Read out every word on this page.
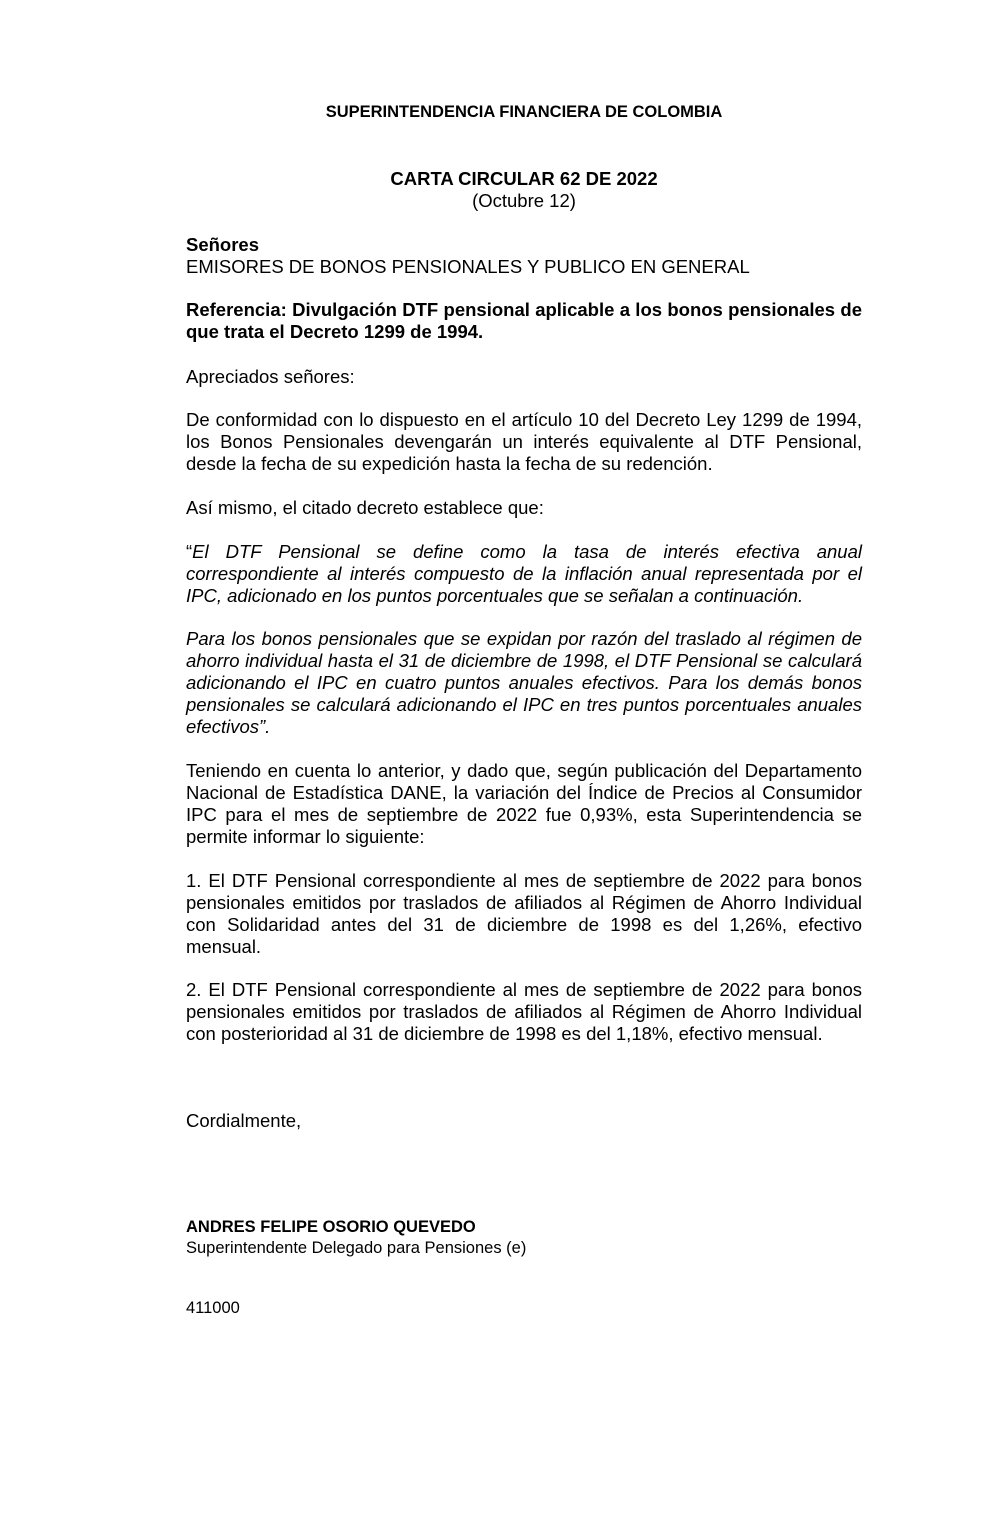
SUPERINTENDENCIA FINANCIERA DE COLOMBIA

CARTA CIRCULAR 62 DE 2022

(Octubre 12)

Señores

EMISORES DE BONOS PENSIONALES Y PUBLICO EN GENERAL

Referencia: Divulgación DTF pensional aplicable a los bonos pensionales de que trata el Decreto 1299 de 1994.

Apreciados señores:

De conformidad con lo dispuesto en el artículo 10 del Decreto Ley 1299 de 1994, los Bonos Pensionales devengarán un interés equivalente al DTF Pensional, desde la fecha de su expedición hasta la fecha de su redención.

Así mismo, el citado decreto establece que:

“El DTF Pensional se define como la tasa de interés efectiva anual correspondiente al interés compuesto de la inflación anual representada por el IPC, adicionado en los puntos porcentuales que se señalan a continuación.

Para los bonos pensionales que se expidan por razón del traslado al régimen de ahorro individual hasta el 31 de diciembre de 1998, el DTF Pensional se calculará adicionando el IPC en cuatro puntos anuales efectivos. Para los demás bonos pensionales se calculará adicionando el IPC en tres puntos porcentuales anuales efectivos”.

Teniendo en cuenta lo anterior, y dado que, según publicación del Departamento Nacional de Estadística DANE, la variación del Índice de Precios al Consumidor IPC para el mes de septiembre de 2022 fue 0,93%, esta Superintendencia se permite informar lo siguiente:

1. El DTF Pensional correspondiente al mes de septiembre de 2022 para bonos pensionales emitidos por traslados de afiliados al Régimen de Ahorro Individual con Solidaridad antes del 31 de diciembre de 1998 es del 1,26%, efectivo mensual.

2. El DTF Pensional correspondiente al mes de septiembre de 2022 para bonos pensionales emitidos por traslados de afiliados al Régimen de Ahorro Individual con posterioridad al 31 de diciembre de 1998 es del 1,18%, efectivo mensual.

Cordialmente,

ANDRES FELIPE OSORIO QUEVEDO

Superintendente Delegado para Pensiones (e)

411000
